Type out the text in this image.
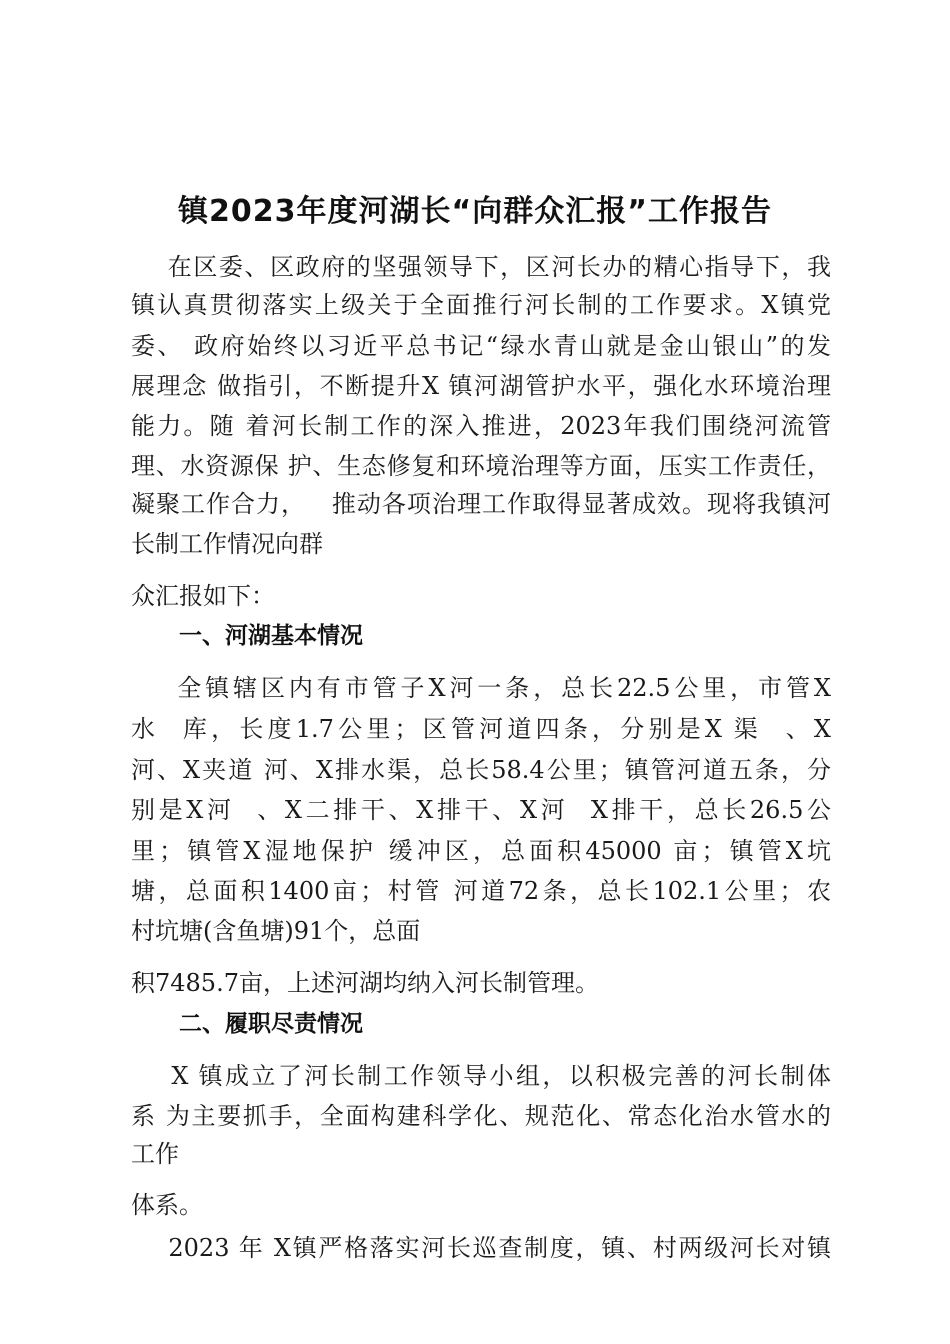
镇2023年度河湖长“向群众汇报”工作报告
在区委、区政府的坚强领导下，区河长办的精心指导下，我
镇认真贯彻落实上级关于全面推行河长制的工作要求。X镇党
委、 政府始终以习近平总书记“绿水青山就是金山银山”的发
展理念 做指引，不断提升X 镇河湖管护水平，强化水环境治理
能力。随 着河长制工作的深入推进，2023年我们围绕河流管
理、水资源保 护、生态修复和环境治理等方面，压实工作责任，
凝聚工作合力，   推动各项治理工作取得显著成效。现将我镇河
长制工作情况向群
众汇报如下：
一、河湖基本情况
全镇辖区内有市管子X河一条，总长22.5公里，市管X
水  库，长度1.7公里；区管河道四条，分别是X 渠  、X
河、X夹道 河、X排水渠，总长58.4公里；镇管河道五条，分
别是X河  、X二排干、X排干、X河  X排干，总长26.5公
里；镇管X湿地保护 缓冲区，总面积45000 亩；镇管X坑
塘，总面积1400亩；村管 河道72条，总长102.1公里；农
村坑塘(含鱼塘)91个，总面
积7485.7亩，上述河湖均纳入河长制管理。
二、履职尽责情况
X 镇成立了河长制工作领导小组，以积极完善的河长制体
系 为主要抓手，全面构建科学化、规范化、常态化治水管水的
工作
体系。
2023 年 X镇严格落实河长巡查制度，镇、村两级河长对镇
